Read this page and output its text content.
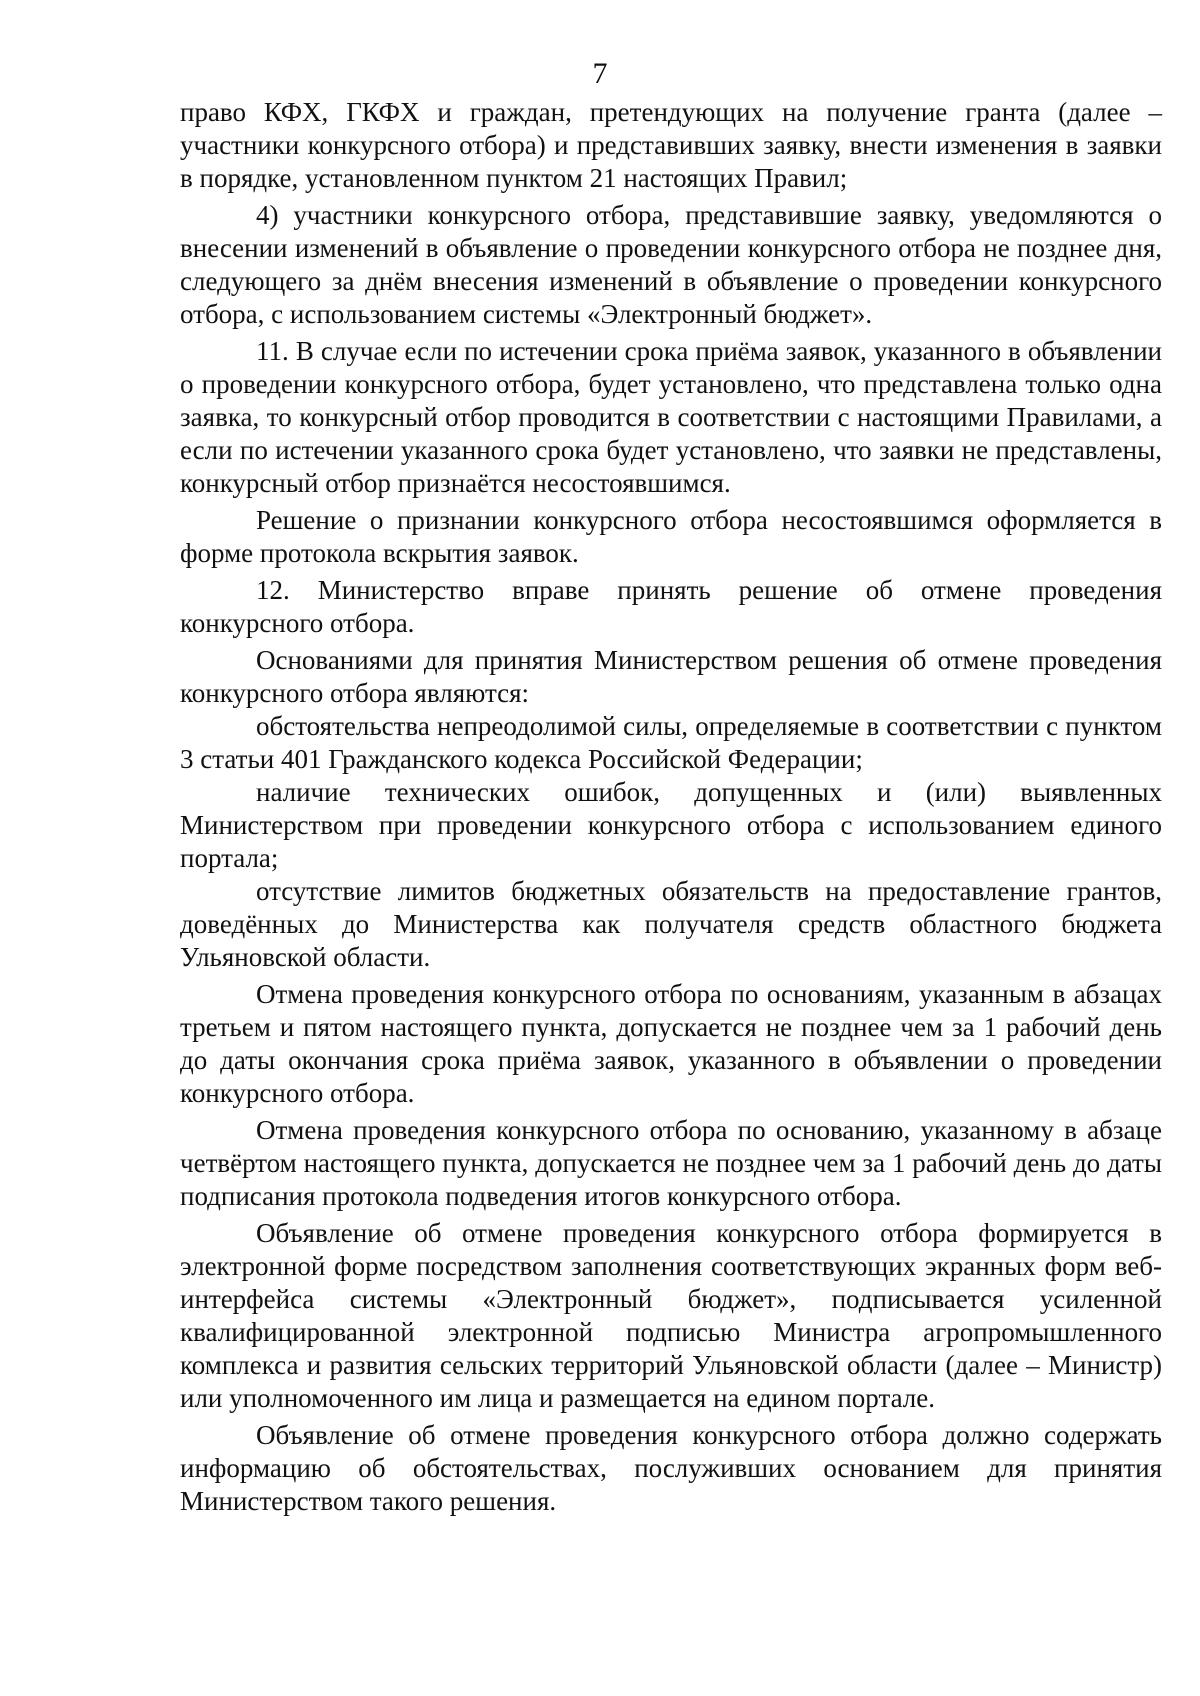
7

право КФХ, ГКФХ и граждан, претендующих на получение гранта (далее – участники конкурсного отбора) и представивших заявку, внести изменения в заявки в порядке, установленном пунктом 21 настоящих Правил;

4) участники конкурсного отбора, представившие заявку, уведомляются о внесении изменений в объявление о проведении конкурсного отбора не позднее дня, следующего за днём внесения изменений в объявление о проведении конкурсного отбора, с использованием системы «Электронный бюджет».

11. В случае если по истечении срока приёма заявок, указанного в объявлении о проведении конкурсного отбора, будет установлено, что представлена только одна заявка, то конкурсный отбор проводится в соответствии с настоящими Правилами, а если по истечении указанного срока будет установлено, что заявки не представлены, конкурсный отбор признаётся несостоявшимся.

Решение о признании конкурсного отбора несостоявшимся оформляется в форме протокола вскрытия заявок.

12. Министерство вправе принять решение об отмене проведения конкурсного отбора.

Основаниями для принятия Министерством решения об отмене проведения конкурсного отбора являются:

обстоятельства непреодолимой силы, определяемые в соответствии с пунктом 3 статьи 401 Гражданского кодекса Российской Федерации;

наличие технических ошибок, допущенных и (или) выявленных Министерством при проведении конкурсного отбора с использованием единого портала;

отсутствие лимитов бюджетных обязательств на предоставление грантов, доведённых до Министерства как получателя средств областного бюджета Ульяновской области.

Отмена проведения конкурсного отбора по основаниям, указанным в абзацах третьем и пятом настоящего пункта, допускается не позднее чем за 1 рабочий день до даты окончания срока приёма заявок, указанного в объявлении о проведении конкурсного отбора.

Отмена проведения конкурсного отбора по основанию, указанному в абзаце четвёртом настоящего пункта, допускается не позднее чем за 1 рабочий день до даты подписания протокола подведения итогов конкурсного отбора.

Объявление об отмене проведения конкурсного отбора формируется в электронной форме посредством заполнения соответствующих экранных форм веб-интерфейса системы «Электронный бюджет», подписывается усиленной квалифицированной электронной подписью Министра агропромышленного комплекса и развития сельских территорий Ульяновской области (далее – Министр) или уполномоченного им лица и размещается на едином портале.

Объявление об отмене проведения конкурсного отбора должно содержать информацию об обстоятельствах, послуживших основанием для принятия Министерством такого решения.
